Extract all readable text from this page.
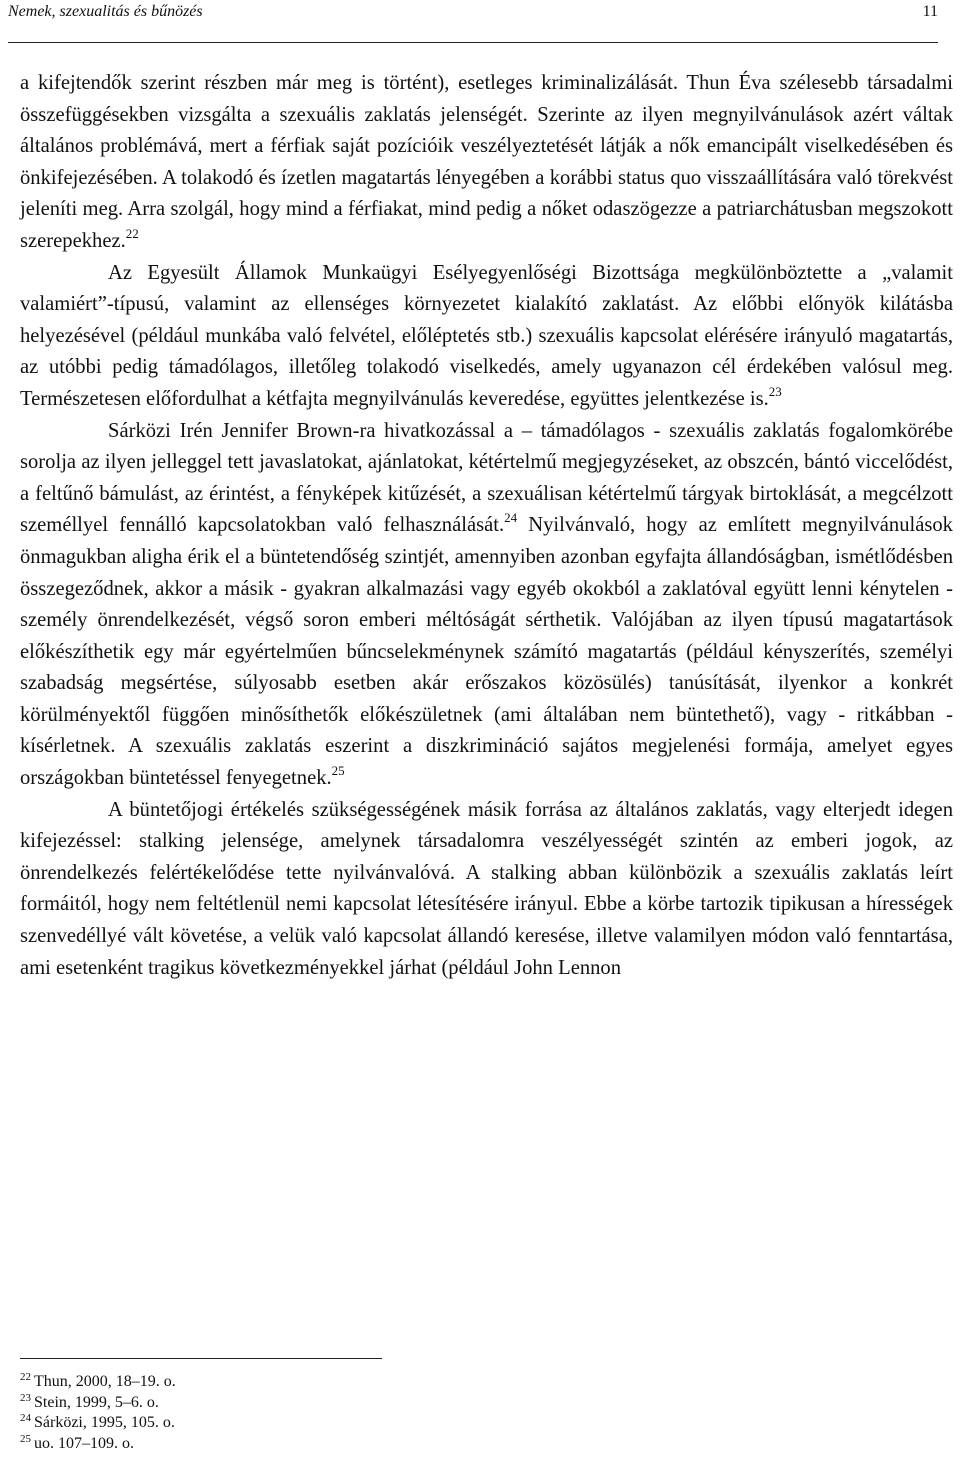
Nemek, szexualitás és bűnözés	11

a kifejtendők szerint részben már meg is történt), esetleges kriminalizálását. Thun Éva szélesebb társadalmi összefüggésekben vizsgálta a szexuális zaklatás jelenségét. Szerinte az ilyen megnyilvánulások azért váltak általános problémává, mert a férfiak saját pozícióik veszélyeztetését látják a nők emancipált viselkedésében és önkifejezésében. A tolakodó és ízetlen magatartás lényegében a korábbi status quo visszaállítására való törekvést jeleníti meg. Arra szolgál, hogy mind a férfiakat, mind pedig a nőket odaszögezze a patriarchátusban megszokott szerepekhez.$^{22}$

Az Egyesült Államok Munkaügyi Esélyegyenlőségi Bizottsága megkülönböztette a „valamit valamiért”-típusú, valamint az ellenséges környezetet kialakító zaklatást. Az előbbi előnyök kilátásba helyezésével (például munkába való felvétel, előléptetés stb.) szexuális kapcsolat elérésére irányuló magatartás, az utóbbi pedig támadólagos, illetőleg tolakodó viselkedés, amely ugyanazon cél érdekében valósul meg. Természetesen előfordulhat a kétfajta megnyilvánulás keveredése, együttes jelentkezése is.$^{23}$

Sárközi Irén Jennifer Brown-ra hivatkozással a – támadólagos - szexuális zaklatás fogalomkörébe sorolja az ilyen jelleggel tett javaslatokat, ajánlatokat, kétértelmű megjegyzéseket, az obszcén, bántó viccelődést, a feltűnő bámulást, az érintést, a fényképek kitűzését, a szexuálisan kétértelmű tárgyak birtoklását, a megcélzott személlyel fennálló kapcsolatokban való felhasználását.$^{24}$ Nyilvánvaló, hogy az említett megnyilvánulások önmagukban aligha érik el a büntetendőség szintjét, amennyiben azonban egyfajta állandóságban, ismétlődésben összegeződnek, akkor a másik - gyakran alkalmazási vagy egyéb okokból a zaklatóval együtt lenni kénytelen - személy önrendelkezését, végső soron emberi méltóságát sérthetik. Valójában az ilyen típusú magatartások előkészíthetik egy már egyértelműen bűncselekménynek számító magatartás (például kényszerítés, személyi szabadság megsértése, súlyosabb esetben akár erőszakos közösülés) tanúsítását, ilyenkor a konkrét körülményektől függően minősíthetők előkészületnek (ami általában nem büntethető), vagy - ritkábban - kísérletnek. A szexuális zaklatás eszerint a diszkrimináció sajátos megjelenési formája, amelyet egyes országokban büntetéssel fenyegetnek.$^{25}$

A büntetőjogi értékelés szükségességének másik forrása az általános zaklatás, vagy elterjedt idegen kifejezéssel: stalking jelensége, amelynek társadalomra veszélyességét szintén az emberi jogok, az önrendelkezés felértékelődése tette nyilvánvalóvá. A stalking abban különbözik a szexuális zaklatás leírt formáitól, hogy nem feltétlenül nemi kapcsolat létesítésére irányul. Ebbe a körbe tartozik tipikusan a hírességek szenvedéllyé vált követése, a velük való kapcsolat állandó keresése, illetve valamilyen módon való fenntartása, ami esetenként tragikus következményekkel járhat (például John Lennon

$^{22}$ Thun, 2000, 18–19. o.
$^{23}$ Stein, 1999, 5–6. o.
$^{24}$ Sárközi, 1995, 105. o.
$^{25}$ uo. 107–109. o.
